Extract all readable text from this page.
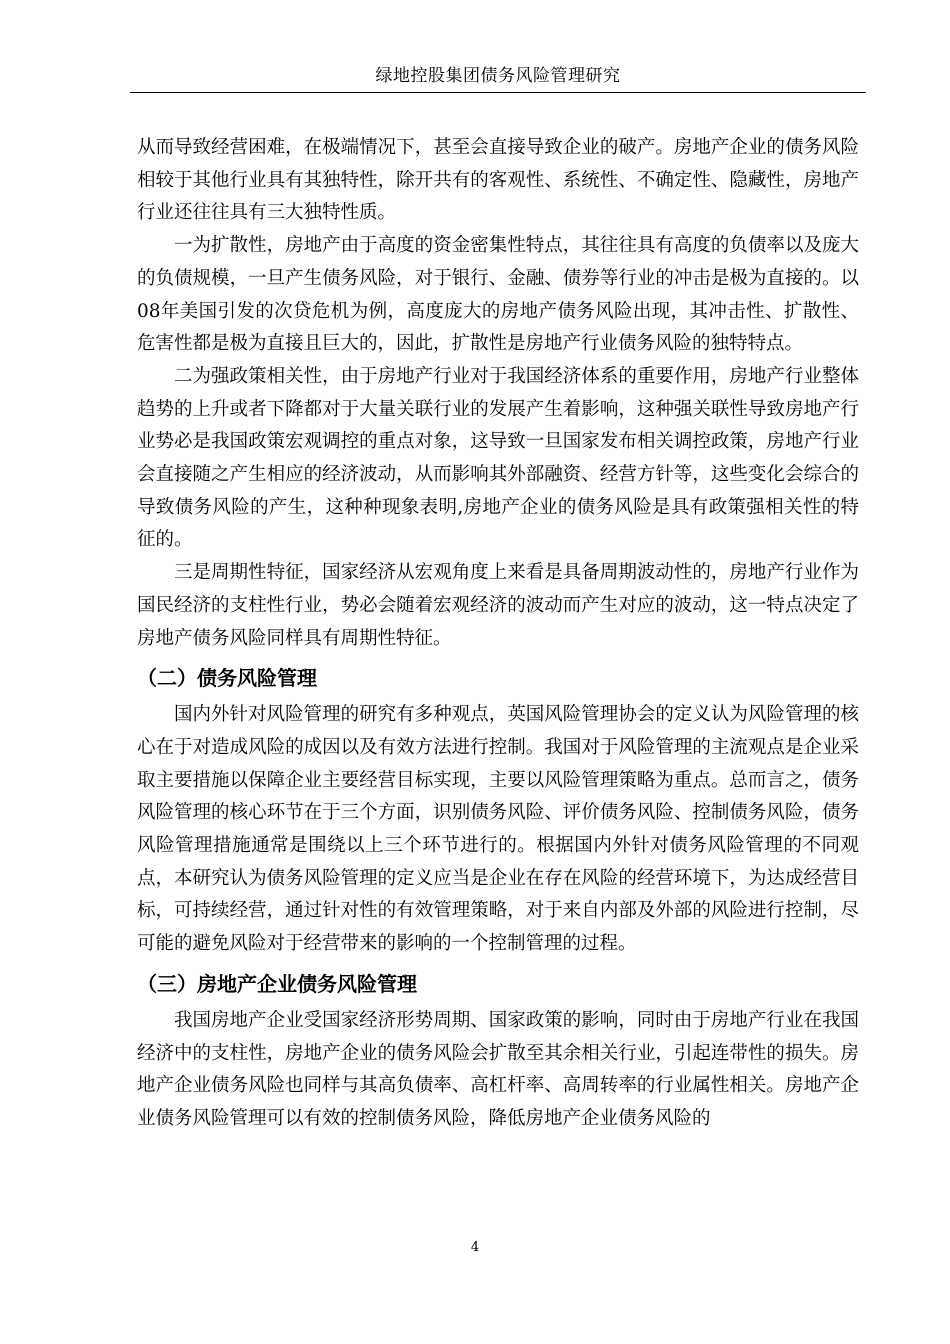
绿地控股集团债务风险管理研究

从而导致经营困难，在极端情况下，甚至会直接导致企业的破产。房地产企业的债务风险相较于其他行业具有其独特性，除开共有的客观性、系统性、不确定性、隐藏性，房地产行业还往往具有三大独特性质。

一为扩散性，房地产由于高度的资金密集性特点，其往往具有高度的负债率以及庞大的负债规模，一旦产生债务风险，对于银行、金融、债券等行业的冲击是极为直接的。以08年美国引发的次贷危机为例，高度庞大的房地产债务风险出现，其冲击性、扩散性、危害性都是极为直接且巨大的，因此，扩散性是房地产行业债务风险的独特特点。

二为强政策相关性，由于房地产行业对于我国经济体系的重要作用，房地产行业整体趋势的上升或者下降都对于大量关联行业的发展产生着影响，这种强关联性导致房地产行业势必是我国政策宏观调控的重点对象，这导致一旦国家发布相关调控政策，房地产行业会直接随之产生相应的经济波动，从而影响其外部融资、经营方针等，这些变化会综合的导致债务风险的产生，这种种现象表明,房地产企业的债务风险是具有政策强相关性的特征的。

三是周期性特征，国家经济从宏观角度上来看是具备周期波动性的，房地产行业作为国民经济的支柱性行业，势必会随着宏观经济的波动而产生对应的波动，这一特点决定了房地产债务风险同样具有周期性特征。

（二）债务风险管理

国内外针对风险管理的研究有多种观点，英国风险管理协会的定义认为风险管理的核心在于对造成风险的成因以及有效方法进行控制。我国对于风险管理的主流观点是企业采取主要措施以保障企业主要经营目标实现，主要以风险管理策略为重点。总而言之，债务风险管理的核心环节在于三个方面，识别债务风险、评价债务风险、控制债务风险，债务风险管理措施通常是围绕以上三个环节进行的。根据国内外针对债务风险管理的不同观点，本研究认为债务风险管理的定义应当是企业在存在风险的经营环境下，为达成经营目标，可持续经营，通过针对性的有效管理策略，对于来自内部及外部的风险进行控制，尽可能的避免风险对于经营带来的影响的一个控制管理的过程。

（三）房地产企业债务风险管理

我国房地产企业受国家经济形势周期、国家政策的影响，同时由于房地产行业在我国经济中的支柱性，房地产企业的债务风险会扩散至其余相关行业，引起连带性的损失。房地产企业债务风险也同样与其高负债率、高杠杆率、高周转率的行业属性相关。房地产企业债务风险管理可以有效的控制债务风险，降低房地产企业债务风险的

4
